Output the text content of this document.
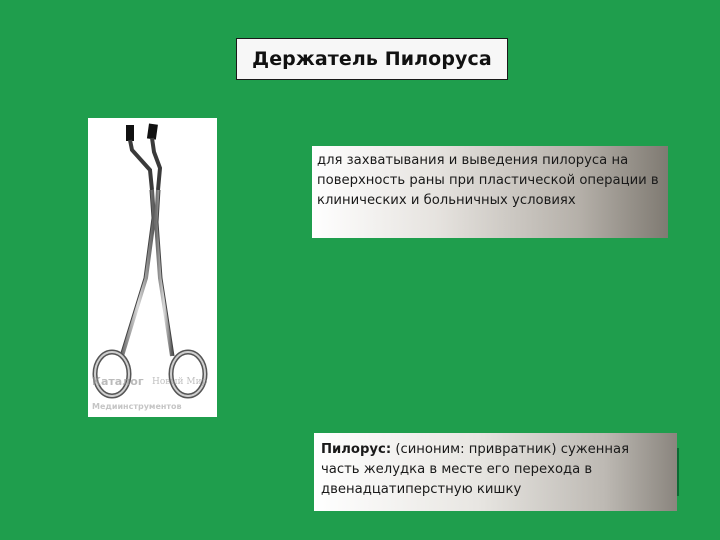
Держатель Пилоруса
Каталог Новый Мир
Медиинструментов
для захватывания и выведения пилоруса на поверхность раны при пластической операции в клинических и больничных условиях
Пилорус: (синоним: привратник) суженная часть желудка в месте его перехода в двенадцатиперстную кишку
